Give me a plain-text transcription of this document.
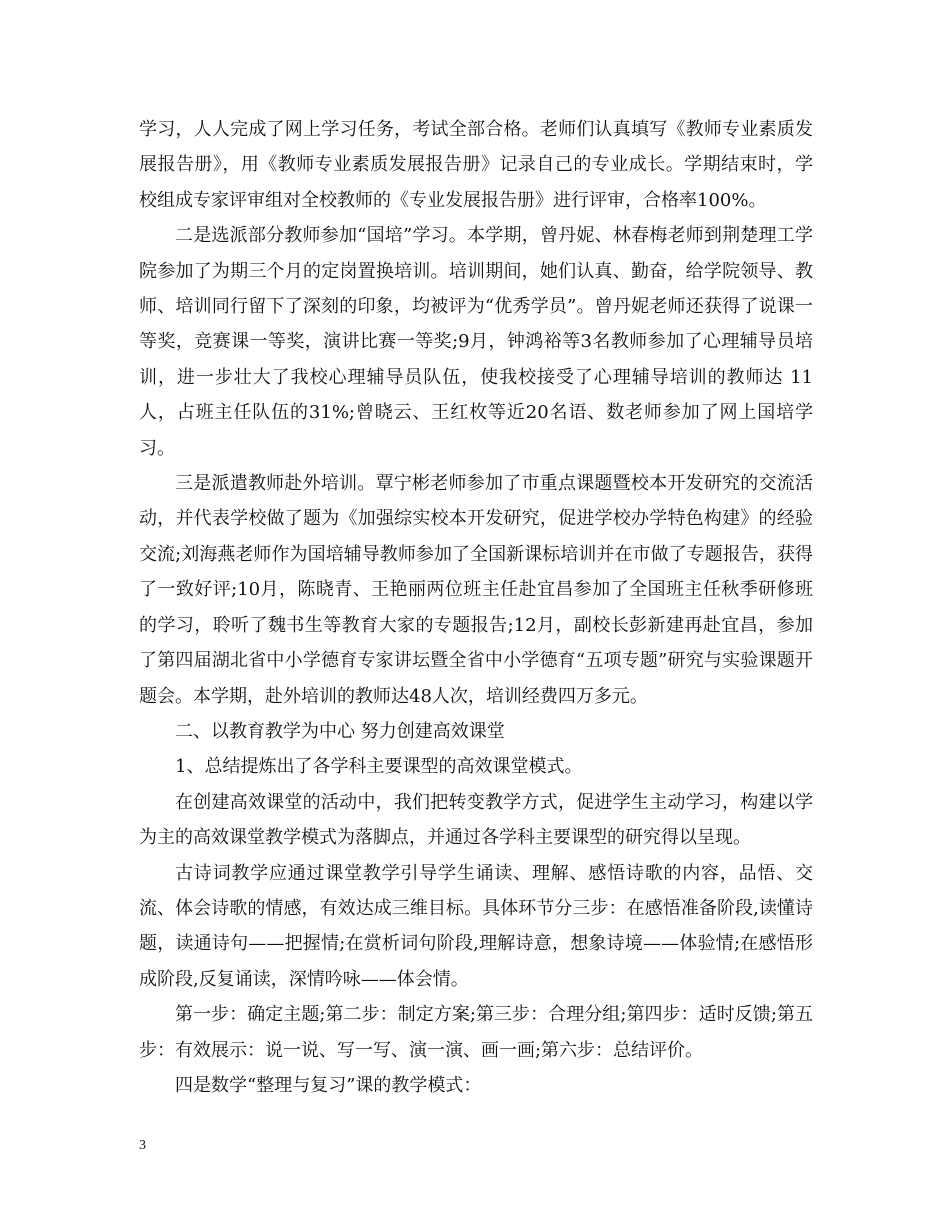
学习，人人完成了网上学习任务，考试全部合格。老师们认真填写《教师专业素质发展报告册》，用《教师专业素质发展报告册》记录自己的专业成长。学期结束时，学校组成专家评审组对全校教师的《专业发展报告册》进行评审，合格率100%。

二是选派部分教师参加“国培”学习。本学期，曾丹妮、林春梅老师到荆楚理工学院参加了为期三个月的定岗置换培训。培训期间，她们认真、勤奋，给学院领导、教师、培训同行留下了深刻的印象，均被评为“优秀学员”。曾丹妮老师还获得了说课一等奖，竞赛课一等奖，演讲比赛一等奖;9月，钟鸿裕等3名教师参加了心理辅导员培训，进一步壮大了我校心理辅导员队伍，使我校接受了心理辅导培训的教师达 11人，占班主任队伍的31%;曾晓云、王红枚等近20名语、数老师参加了网上国培学习。

三是派遣教师赴外培训。覃宁彬老师参加了市重点课题暨校本开发研究的交流活动，并代表学校做了题为《加强综实校本开发研究，促进学校办学特色构建》的经验交流;刘海燕老师作为国培辅导教师参加了全国新课标培训并在市做了专题报告，获得了一致好评;10月，陈晓青、王艳丽两位班主任赴宜昌参加了全国班主任秋季研修班的学习，聆听了魏书生等教育大家的专题报告;12月，副校长彭新建再赴宜昌，参加了第四届湖北省中小学德育专家讲坛暨全省中小学德育“五项专题”研究与实验课题开题会。本学期，赴外培训的教师达48人次，培训经费四万多元。

二、以教育教学为中心 努力创建高效课堂

1、总结提炼出了各学科主要课型的高效课堂模式。

在创建高效课堂的活动中，我们把转变教学方式，促进学生主动学习，构建以学为主的高效课堂教学模式为落脚点，并通过各学科主要课型的研究得以呈现。

古诗词教学应通过课堂教学引导学生诵读、理解、感悟诗歌的内容，品悟、交流、体会诗歌的情感，有效达成三维目标。具体环节分三步：在感悟准备阶段,读懂诗题，读通诗句——把握情;在赏析词句阶段,理解诗意，想象诗境——体验情;在感悟形成阶段,反复诵读，深情吟咏——体会情。

第一步：确定主题;第二步：制定方案;第三步：合理分组;第四步：适时反馈;第五步：有效展示：说一说、写一写、演一演、画一画;第六步：总结评价。

四是数学“整理与复习”课的教学模式：

3
